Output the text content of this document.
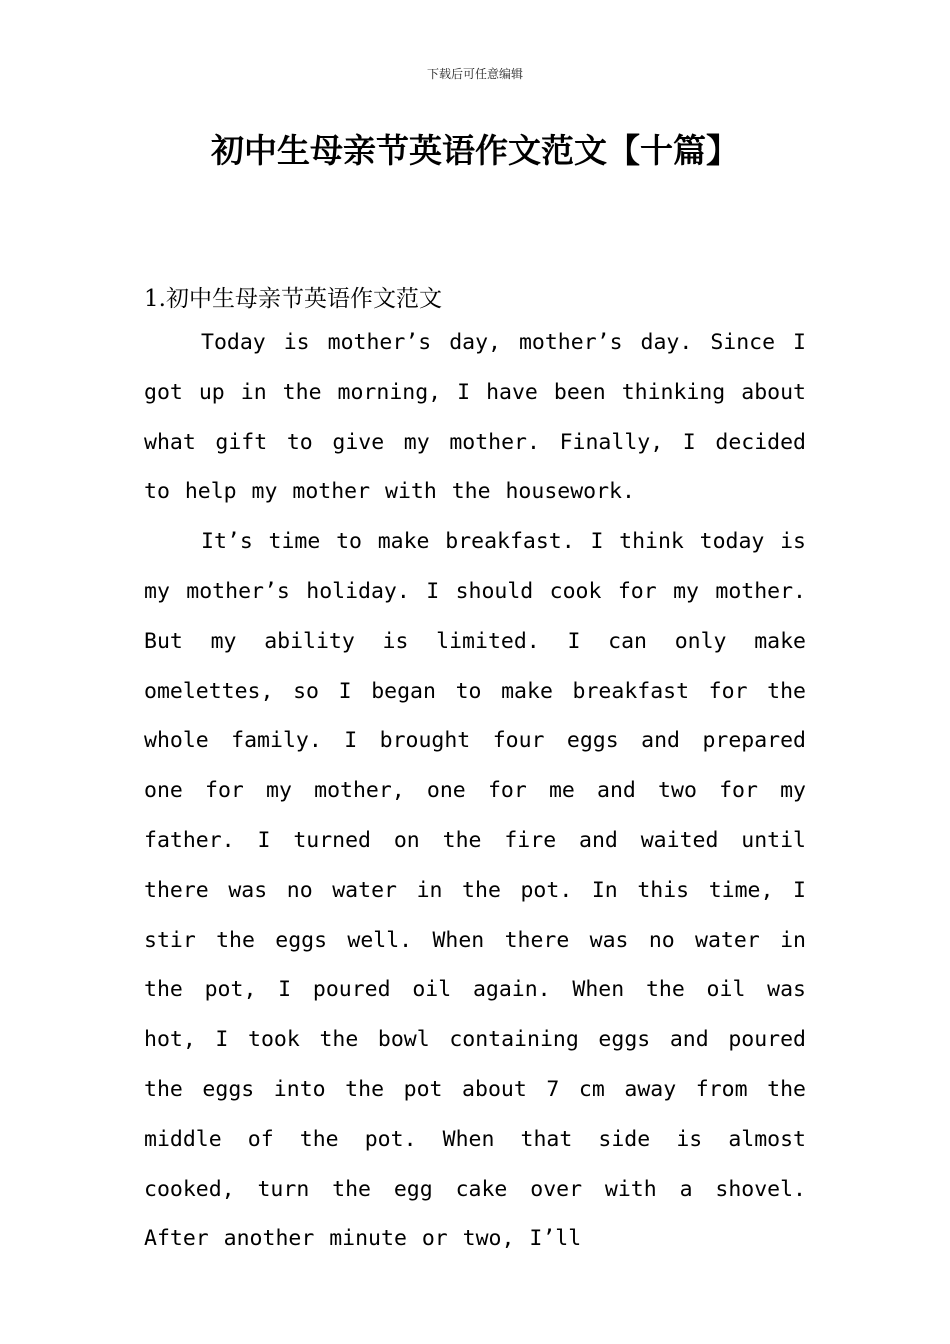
下载后可任意编辑
初中生母亲节英语作文范文【十篇】
1.初中生母亲节英语作文范文

Today is mother’s day, mother’s day. Since I got up in the morning, I have been thinking about what gift to give my mother. Finally, I decided to help my mother with the housework.

It’s time to make breakfast. I think today is my mother’s holiday. I should cook for my mother. But my ability is limited. I can only make omelettes, so I began to make breakfast for the whole family. I brought four eggs and prepared one for my mother, one for me and two for my father. I turned on the fire and waited until there was no water in the pot. In this time, I stir the eggs well. When there was no water in the pot, I poured oil again. When the oil was hot, I took the bowl containing eggs and poured the eggs into the pot about 7 cm away from the middle of the pot. When that side is almost cooked, turn the egg cake over with a shovel. After another minute or two, I’ll
